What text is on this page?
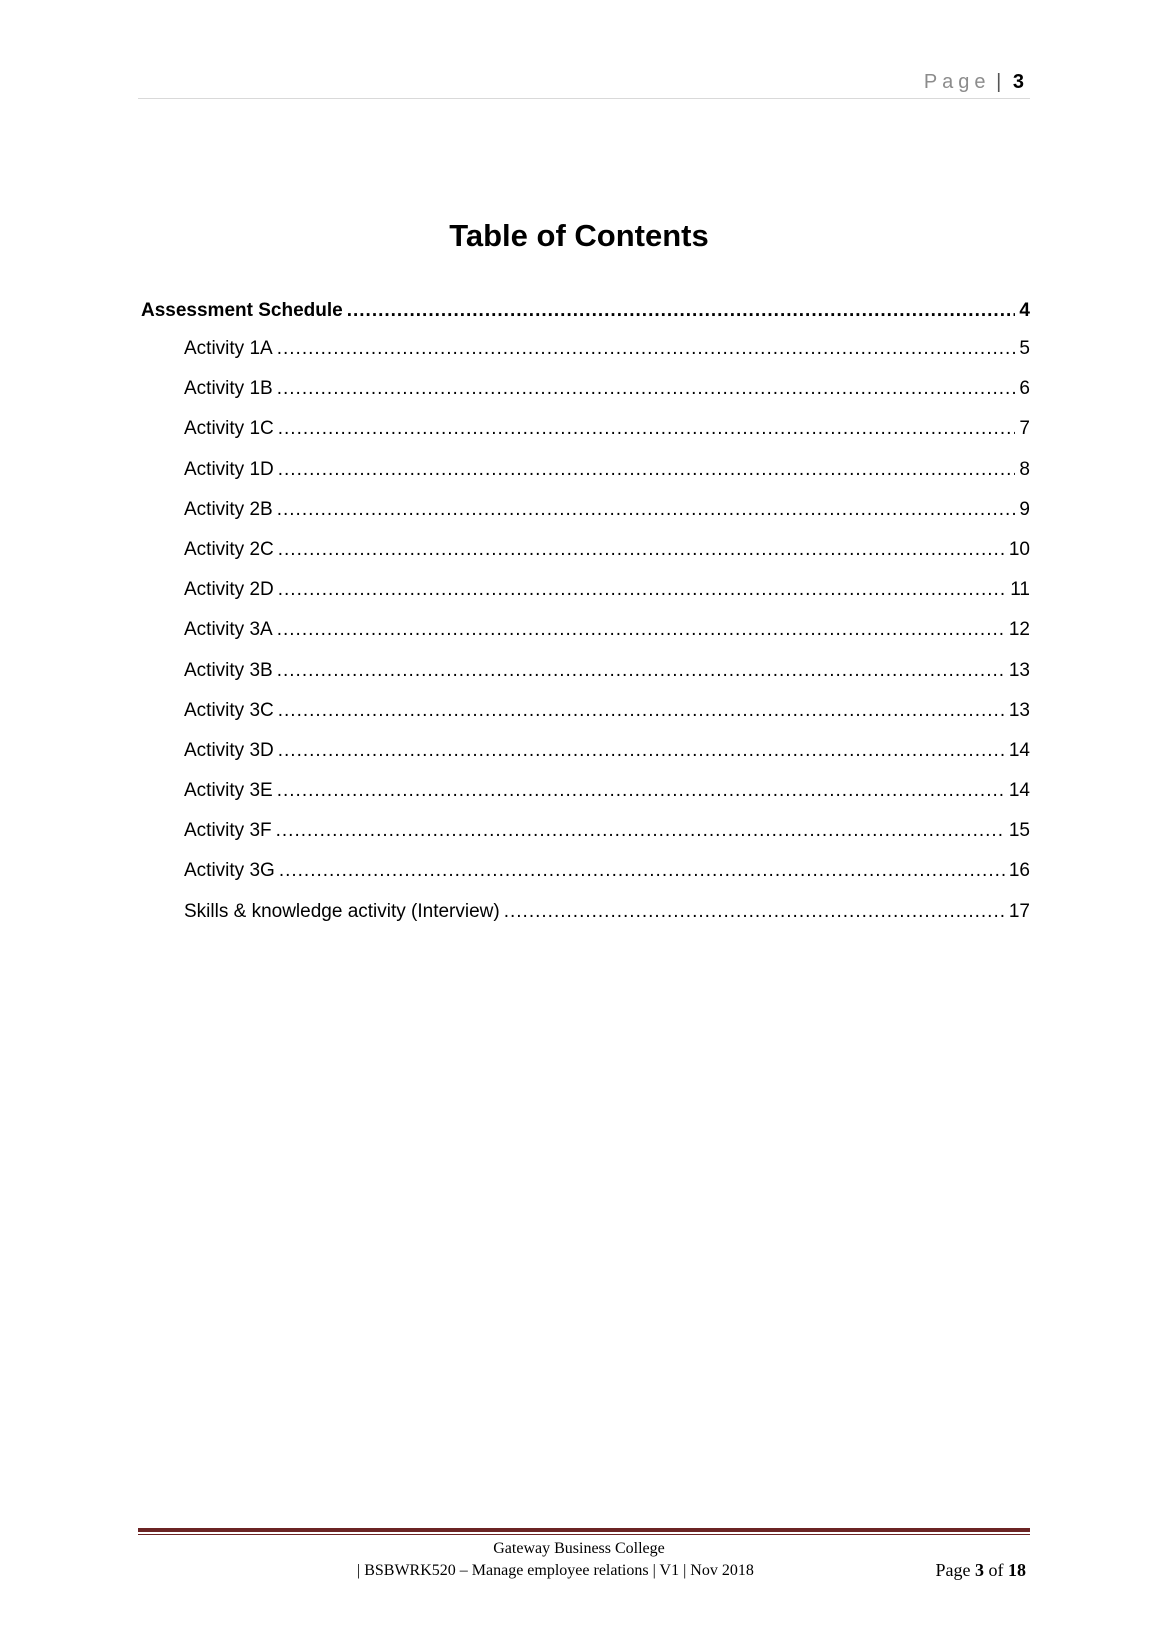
Page | 3
Table of Contents
Assessment Schedule .....	4
Activity 1A .....	5
Activity 1B .....	6
Activity 1C .....	7
Activity 1D .....	8
Activity 2B .....	9
Activity 2C .....	10
Activity 2D .....	11
Activity 3A .....	12
Activity 3B .....	13
Activity 3C .....	13
Activity 3D .....	14
Activity 3E .....	14
Activity 3F .....	15
Activity 3G .....	16
Skills & knowledge activity (Interview) .....	17
Gateway Business College
| BSBWRK520 – Manage employee relations | V1 | Nov 2018	Page 3 of 18
